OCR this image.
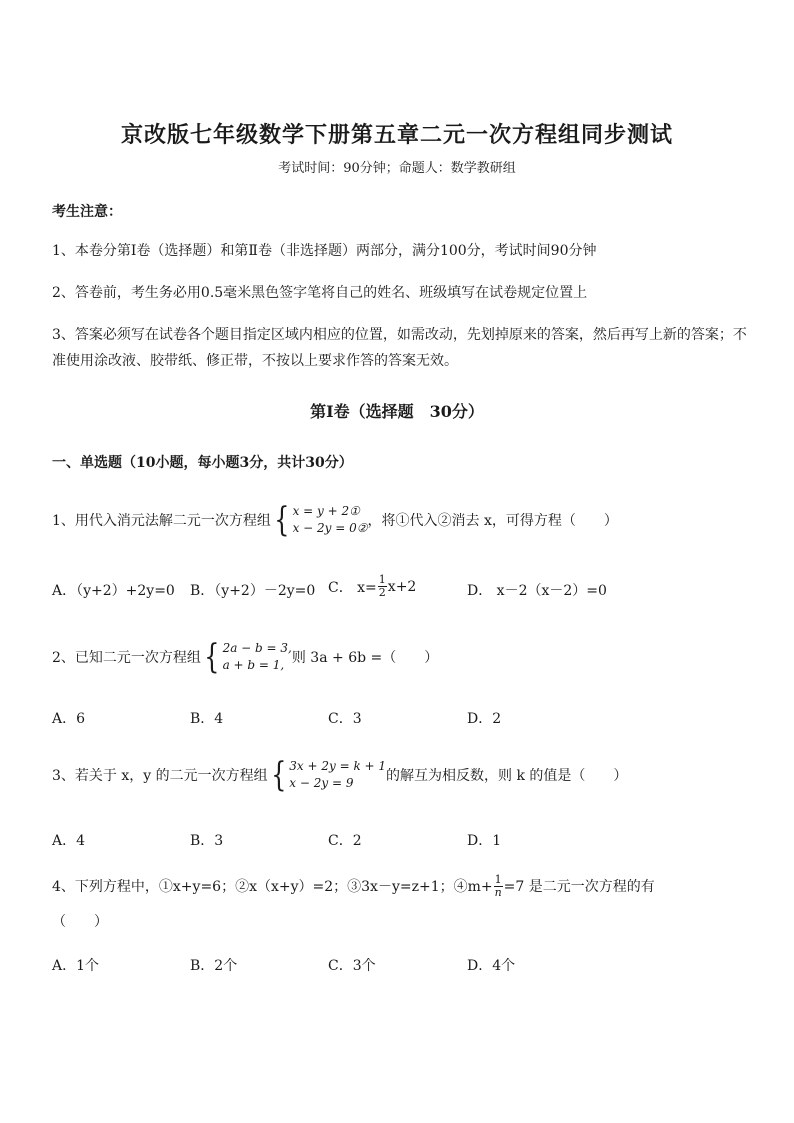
京改版七年级数学下册第五章二元一次方程组同步测试
考试时间：90分钟；命题人：数学教研组
考生注意：
1、本卷分第Ⅰ卷（选择题）和第Ⅱ卷（非选择题）两部分，满分100分，考试时间90分钟
2、答卷前，考生务必用0.5毫米黑色签字笔将自己的姓名、班级填写在试卷规定位置上
3、答案必须写在试卷各个题目指定区域内相应的位置，如需改动，先划掉原来的答案，然后再写上新的答案；不准使用涂改液、胶带纸、修正带，不按以上要求作答的答案无效。
第Ⅰ卷（选择题　30分）
一、单选题（10小题，每小题3分，共计30分）
1、用代入消元法解二元一次方程组 { x = y + 2①
x − 2y = 0② ，将①代入②消去 x，可得方程（　　）
A．（y+2）+2y=0 B．（y+2）－2y=0 C． $x= \frac{1}{2} x+2$	D． x－2（x－2）=0
2、已知二元一次方程组 { 2a − b = 3,
a + b = 1, 则 3a + 6b =（　　）
A．6	B．4	C．3	D．2
3、若关于 x，y 的二元一次方程组 { 3x + 2y = k + 1
x − 2y = 9	的解互为相反数，则 k 的值是（　　）
A．4	B．3	C．2	D．1
4、下列方程中，①x+y=6；②x（x+y）=2；③3x－y=z+1；④m+ $\frac{1}{n} =7$ 是二元一次方程的有
（　　）
A．1个	B．2个	C．3个	D．4个
